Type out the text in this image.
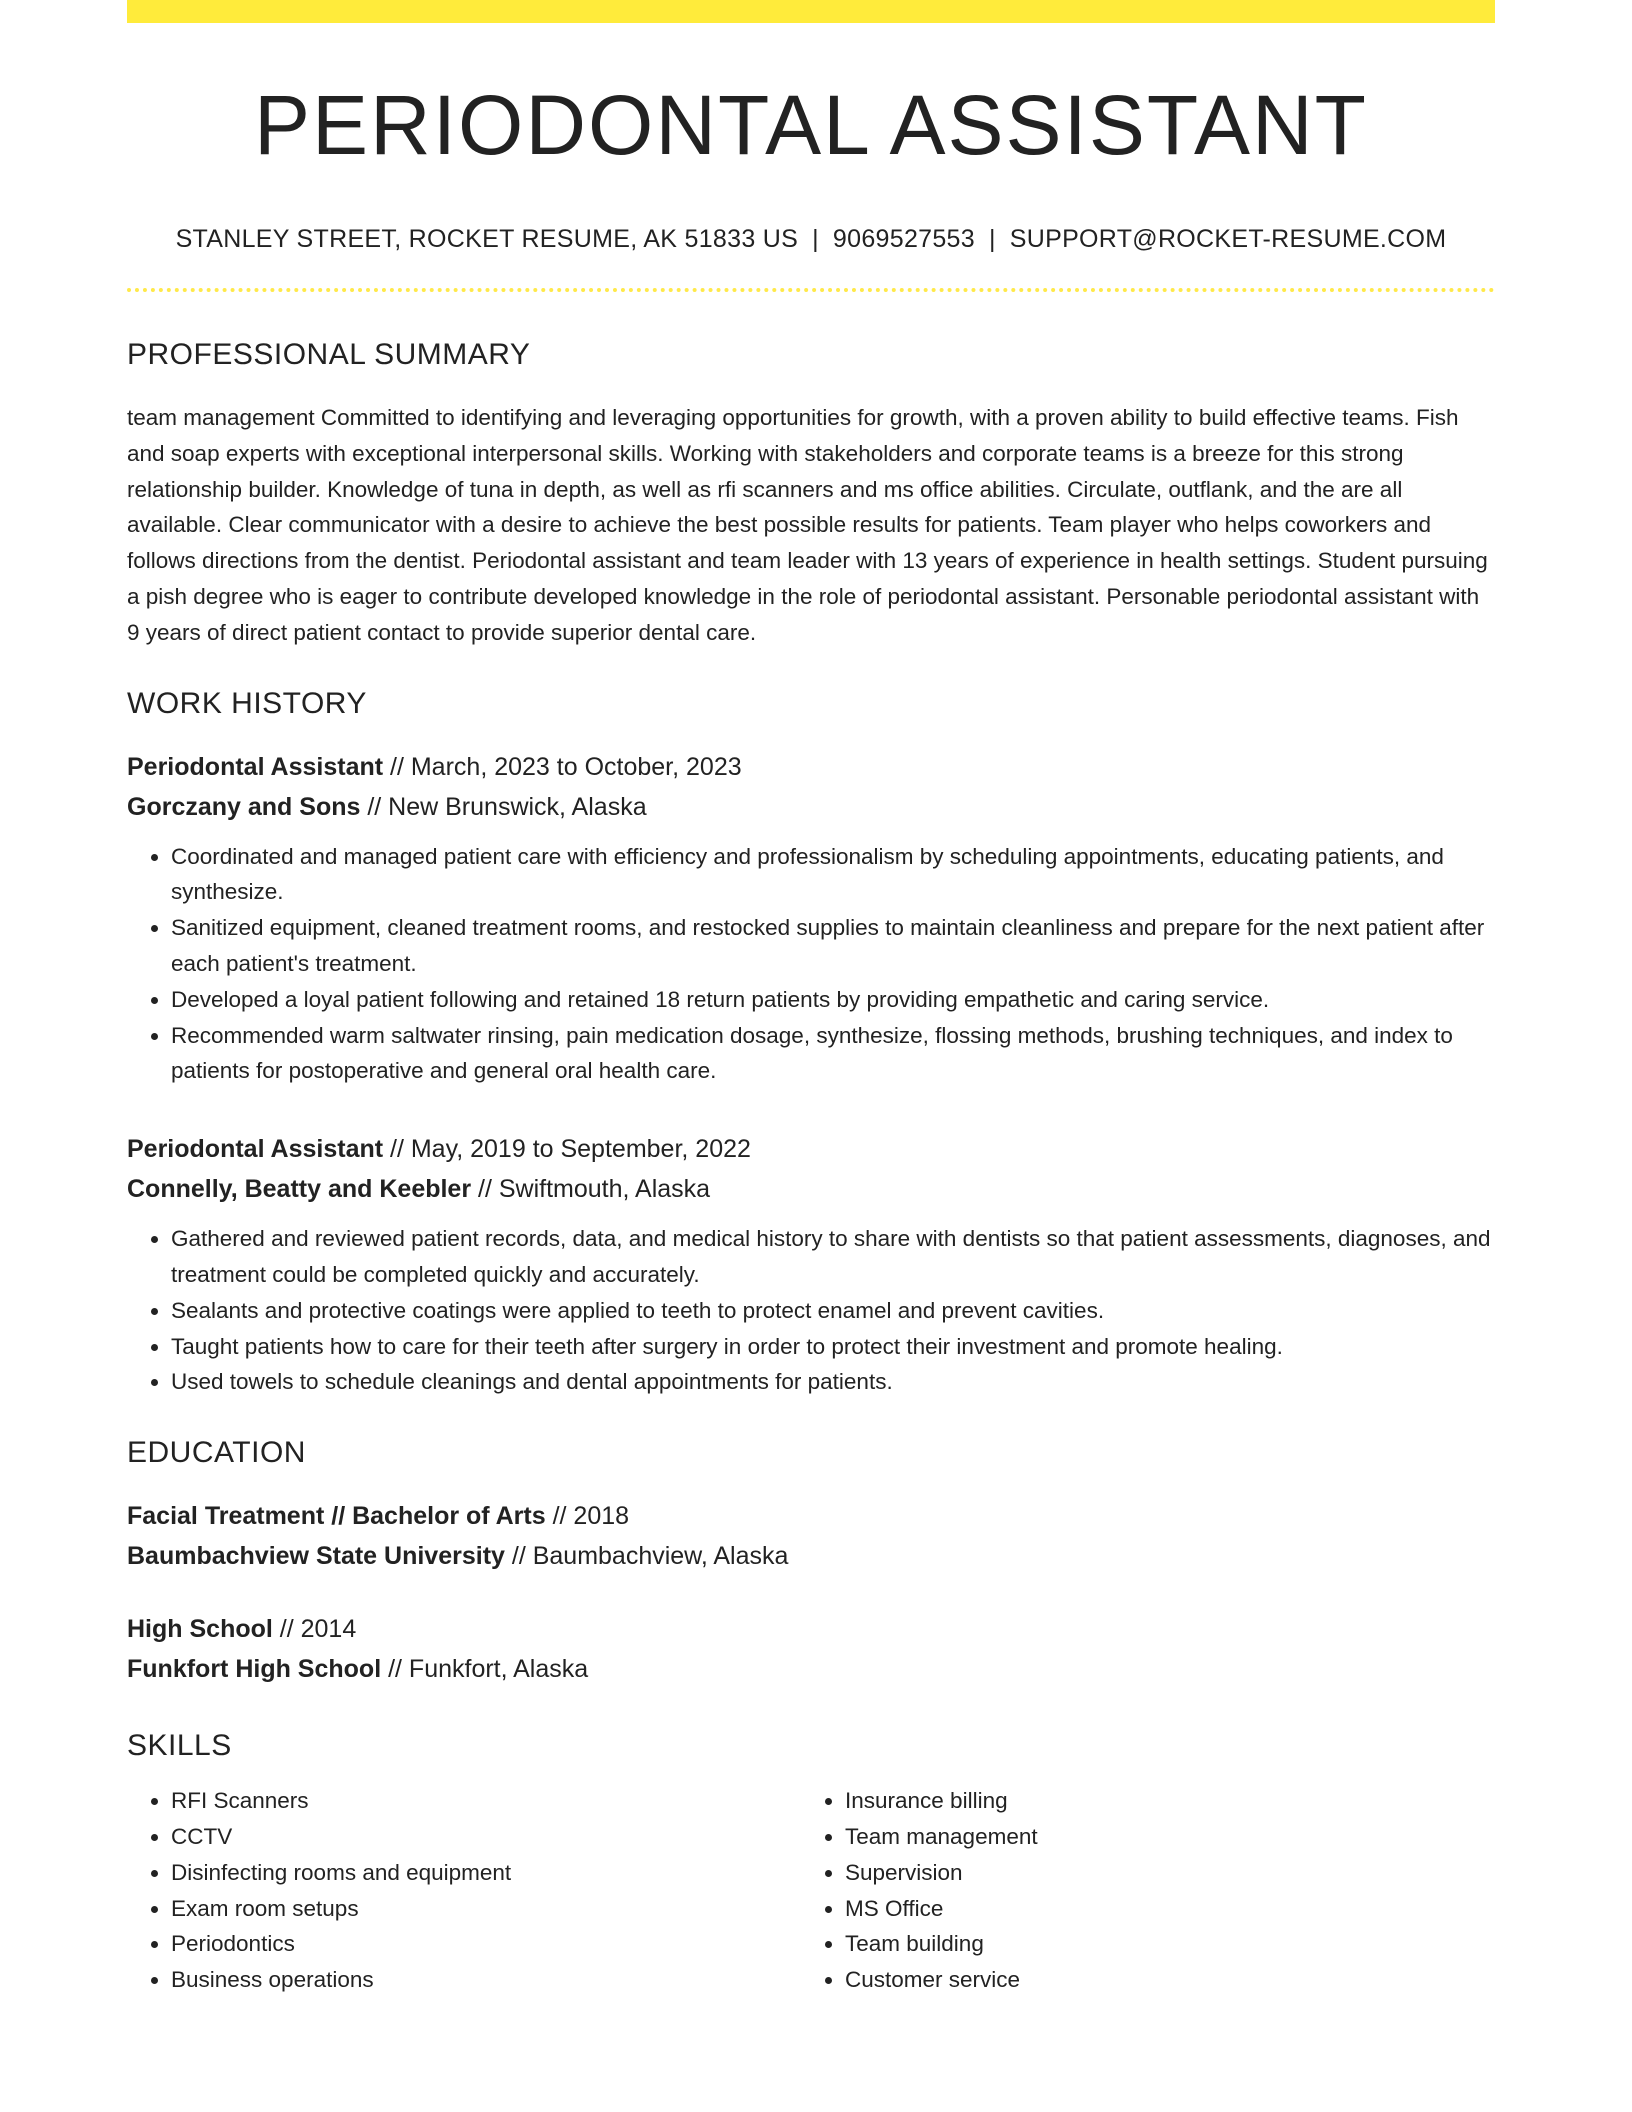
PERIODONTAL ASSISTANT
STANLEY STREET, ROCKET RESUME, AK 51833 US | 9069527553 | SUPPORT@ROCKET-RESUME.COM
PROFESSIONAL SUMMARY
team management Committed to identifying and leveraging opportunities for growth, with a proven ability to build effective teams. Fish and soap experts with exceptional interpersonal skills. Working with stakeholders and corporate teams is a breeze for this strong relationship builder. Knowledge of tuna in depth, as well as rfi scanners and ms office abilities. Circulate, outflank, and the are all available. Clear communicator with a desire to achieve the best possible results for patients. Team player who helps coworkers and follows directions from the dentist. Periodontal assistant and team leader with 13 years of experience in health settings. Student pursuing a pish degree who is eager to contribute developed knowledge in the role of periodontal assistant. Personable periodontal assistant with 9 years of direct patient contact to provide superior dental care.
WORK HISTORY
Periodontal Assistant // March, 2023 to October, 2023
Gorczany and Sons // New Brunswick, Alaska
• Coordinated and managed patient care with efficiency and professionalism by scheduling appointments, educating patients, and synthesize.
• Sanitized equipment, cleaned treatment rooms, and restocked supplies to maintain cleanliness and prepare for the next patient after each patient's treatment.
• Developed a loyal patient following and retained 18 return patients by providing empathetic and caring service.
• Recommended warm saltwater rinsing, pain medication dosage, synthesize, flossing methods, brushing techniques, and index to patients for postoperative and general oral health care.
Periodontal Assistant // May, 2019 to September, 2022
Connelly, Beatty and Keebler // Swiftmouth, Alaska
• Gathered and reviewed patient records, data, and medical history to share with dentists so that patient assessments, diagnoses, and treatment could be completed quickly and accurately.
• Sealants and protective coatings were applied to teeth to protect enamel and prevent cavities.
• Taught patients how to care for their teeth after surgery in order to protect their investment and promote healing.
• Used towels to schedule cleanings and dental appointments for patients.
EDUCATION
Facial Treatment // Bachelor of Arts // 2018
Baumbachview State University // Baumbachview, Alaska
High School // 2014
Funkfort High School // Funkfort, Alaska
SKILLS
• RFI Scanners
• CCTV
• Disinfecting rooms and equipment
• Exam room setups
• Periodontics
• Business operations
• Insurance billing
• Team management
• Supervision
• MS Office
• Team building
• Customer service
